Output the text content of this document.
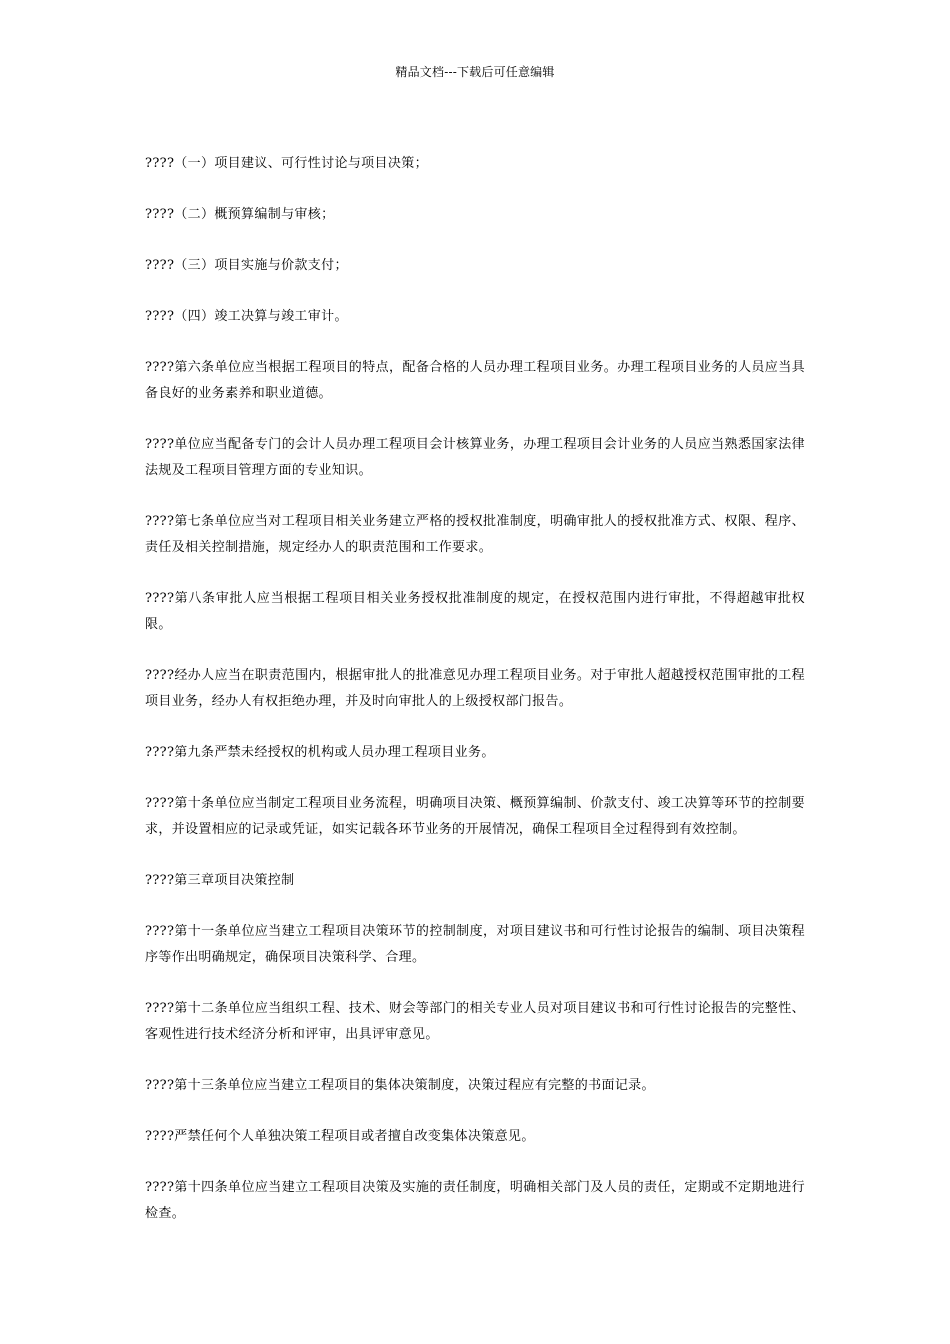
精品文档---下载后可任意编辑

????（一）项目建议、可行性讨论与项目决策；

????（二）概预算编制与审核；

????（三）项目实施与价款支付；

????（四）竣工决算与竣工审计。

????第六条单位应当根据工程项目的特点，配备合格的人员办理工程项目业务。办理工程项目业务的人员应当具备良好的业务素养和职业道德。

????单位应当配备专门的会计人员办理工程项目会计核算业务，办理工程项目会计业务的人员应当熟悉国家法律法规及工程项目管理方面的专业知识。

????第七条单位应当对工程项目相关业务建立严格的授权批准制度，明确审批人的授权批准方式、权限、程序、责任及相关控制措施，规定经办人的职责范围和工作要求。

????第八条审批人应当根据工程项目相关业务授权批准制度的规定，在授权范围内进行审批，不得超越审批权限。

????经办人应当在职责范围内，根据审批人的批准意见办理工程项目业务。对于审批人超越授权范围审批的工程项目业务，经办人有权拒绝办理，并及时向审批人的上级授权部门报告。

????第九条严禁未经授权的机构或人员办理工程项目业务。

????第十条单位应当制定工程项目业务流程，明确项目决策、概预算编制、价款支付、竣工决算等环节的控制要求，并设置相应的记录或凭证，如实记载各环节业务的开展情况，确保工程项目全过程得到有效控制。

????第三章项目决策控制

????第十一条单位应当建立工程项目决策环节的控制制度，对项目建议书和可行性讨论报告的编制、项目决策程序等作出明确规定，确保项目决策科学、合理。

????第十二条单位应当组织工程、技术、财会等部门的相关专业人员对项目建议书和可行性讨论报告的完整性、客观性进行技术经济分析和评审，出具评审意见。

????第十三条单位应当建立工程项目的集体决策制度，决策过程应有完整的书面记录。

????严禁任何个人单独决策工程项目或者擅自改变集体决策意见。

????第十四条单位应当建立工程项目决策及实施的责任制度，明确相关部门及人员的责任，定期或不定期地进行检查。
